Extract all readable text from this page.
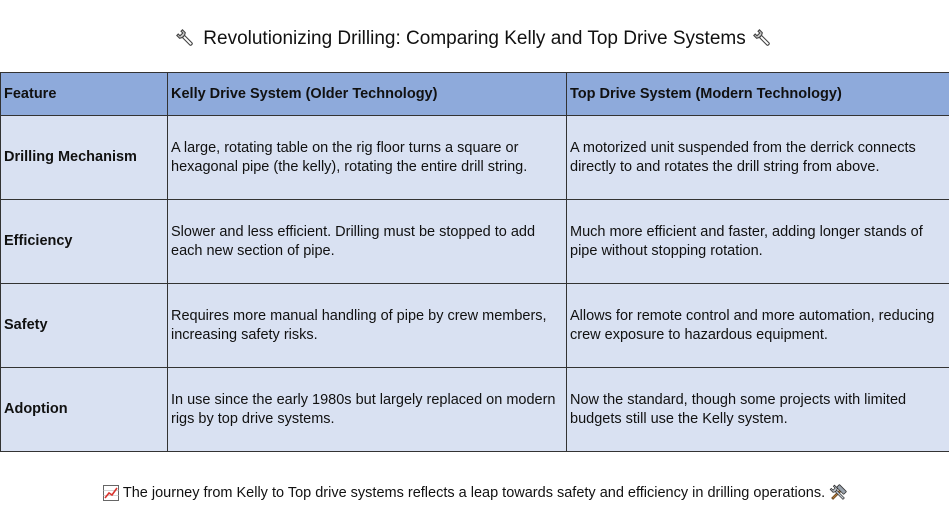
Revolutionizing Drilling: Comparing Kelly and Top Drive Systems
Feature	Kelly Drive System (Older Technology)	Top Drive System (Modern Technology)
Drilling Mechanism	A large, rotating table on the rig floor turns a square or hexagonal pipe (the kelly), rotating the entire drill string.	A motorized unit suspended from the derrick connects directly to and rotates the drill string from above.
Efficiency	Slower and less efficient. Drilling must be stopped to add each new section of pipe.	Much more efficient and faster, adding longer stands of pipe without stopping rotation.
Safety	Requires more manual handling of pipe by crew members, increasing safety risks.	Allows for remote control and more automation, reducing crew exposure to hazardous equipment.
Adoption	In use since the early 1980s but largely replaced on modern rigs by top drive systems.	Now the standard, though some projects with limited budgets still use the Kelly system.
The journey from Kelly to Top drive systems reflects a leap towards safety and efficiency in drilling operations.
